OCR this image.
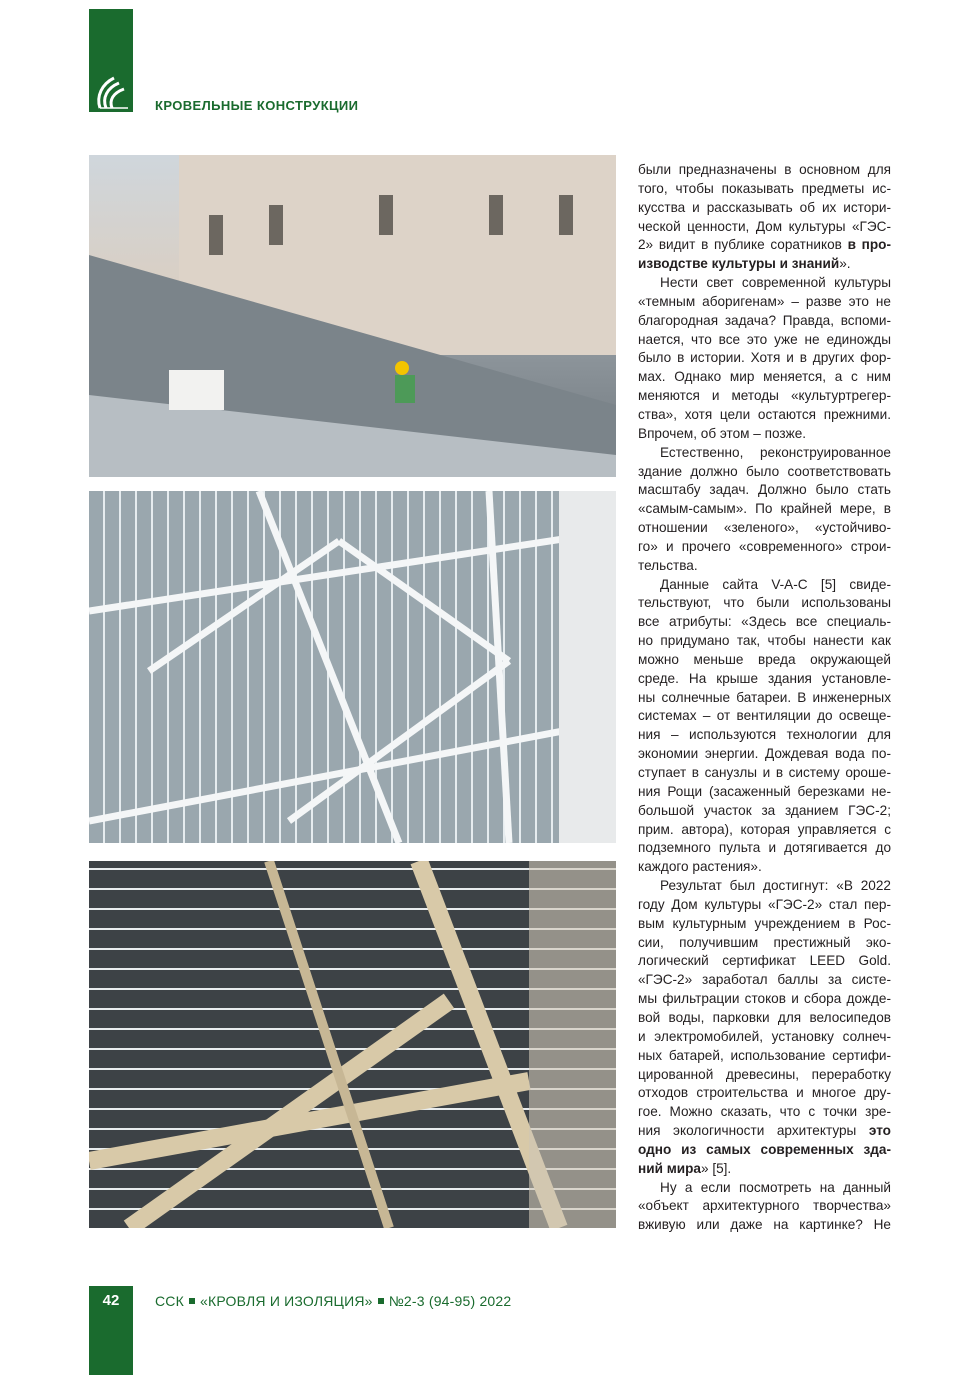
КРОВЕЛЬНЫЕ КОНСТРУКЦИИ
были предназначены в основном для
того, чтобы показывать предметы ис-
кусства и рассказывать об их истори-
ческой ценности, Дом культуры «ГЭС-
2» видит в публике соратников в про-
изводстве культуры и знаний».
Нести свет современной культуры
«темным аборигенам» – разве это не
благородная задача? Правда, вспоми-
нается, что все это уже не единожды
было в истории. Хотя и в других фор-
мах. Однако мир меняется, а с ним
меняются и методы «культуртрегер-
ства», хотя цели остаются прежними.
Впрочем, об этом – позже.
Естественно, реконструированное
здание должно было соответствовать
масштабу задач. Должно было стать
«самым-самым». По крайней мере, в
отношении «зеленого», «устойчиво-
го» и прочего «современного» строи-
тельства.
Данные сайта V-A-C [5] свиде-
тельствуют, что были использованы
все атрибуты: «Здесь все специаль-
но придумано так, чтобы нанести как
можно меньше вреда окружающей
среде. На крыше здания установле-
ны солнечные батареи. В инженерных
системах – от вентиляции до освеще-
ния – используются технологии для
экономии энергии. Дождевая вода по-
ступает в санузлы и в систему ороше-
ния Рощи (засаженный березками не-
большой участок за зданием ГЭС-2;
прим. автора), которая управляется с
подземного пульта и дотягивается до
каждого растения».
Результат был достигнут: «В 2022
году Дом культуры «ГЭС-2» стал пер-
вым культурным учреждением в Рос-
сии, получившим престижный эко-
логический сертификат LEED Gold.
«ГЭС-2» заработал баллы за систе-
мы фильтрации стоков и сбора дожде-
вой воды, парковки для велосипедов
и электромобилей, установку солнеч-
ных батарей, использование сертифи-
цированной древесины, переработку
отходов строительства и многое дру-
гое. Можно сказать, что с точки зре-
ния экологичности архитектуры это
одно из самых современных зда-
ний мира» [5].
Ну а если посмотреть на данный
«объект архитектурного творчества»
вживую или даже на картинке? Не
42	ССК «КРОВЛЯ И ИЗОЛЯЦИЯ» №2-3 (94-95) 2022
